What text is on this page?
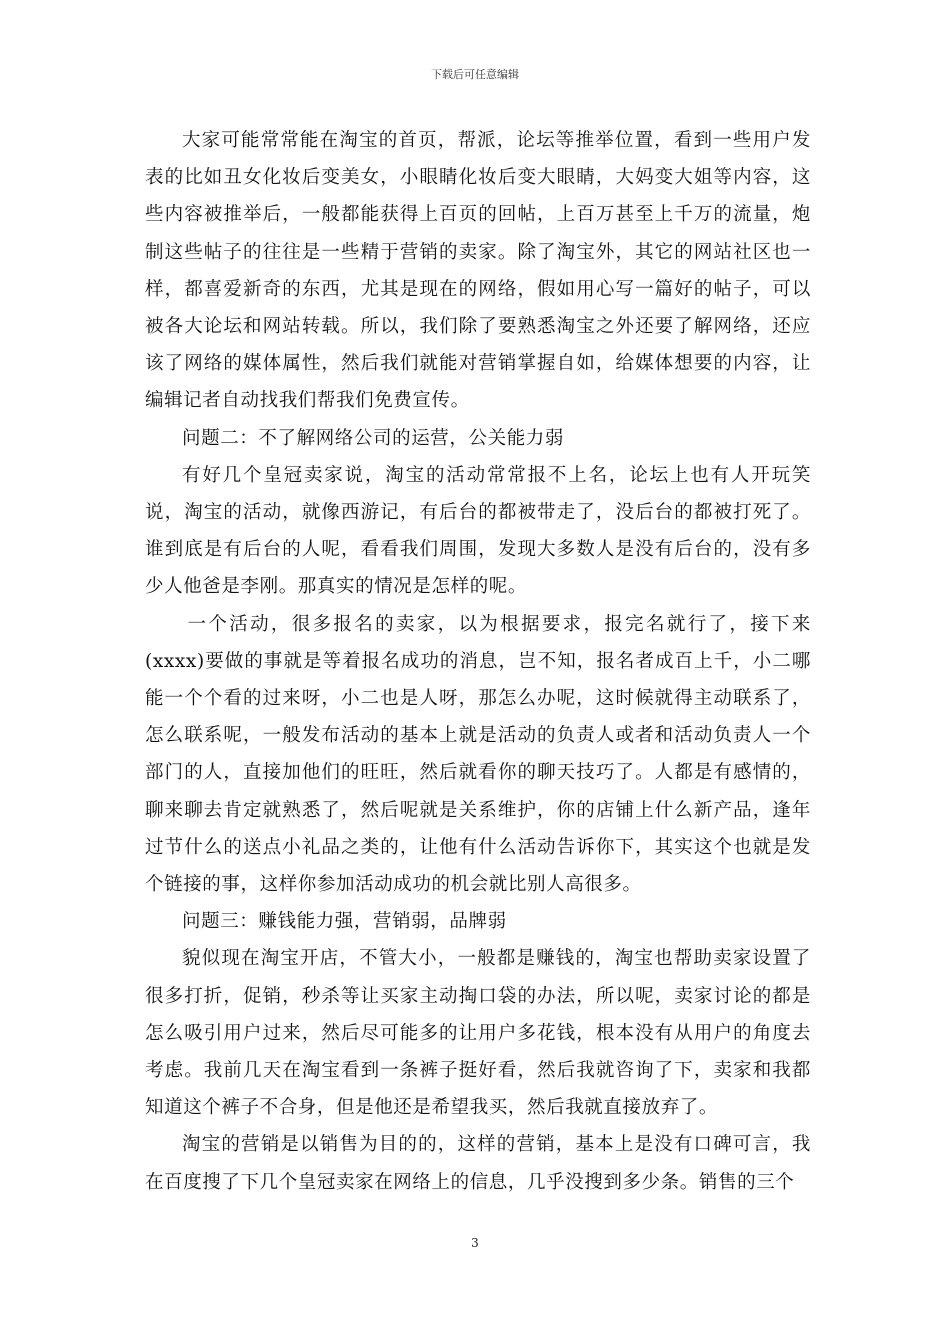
下载后可任意编辑

大家可能常常能在淘宝的首页，帮派，论坛等推举位置，看到一些用户发表的比如丑女化妆后变美女，小眼睛化妆后变大眼睛，大妈变大姐等内容，这些内容被推举后，一般都能获得上百页的回帖，上百万甚至上千万的流量，炮制这些帖子的往往是一些精于营销的卖家。除了淘宝外，其它的网站社区也一样，都喜爱新奇的东西，尤其是现在的网络，假如用心写一篇好的帖子，可以被各大论坛和网站转载。所以，我们除了要熟悉淘宝之外还要了解网络，还应该了网络的媒体属性，然后我们就能对营销掌握自如，给媒体想要的内容，让编辑记者自动找我们帮我们免费宣传。

问题二：不了解网络公司的运营，公关能力弱

有好几个皇冠卖家说，淘宝的活动常常报不上名，论坛上也有人开玩笑说，淘宝的活动，就像西游记，有后台的都被带走了，没后台的都被打死了。谁到底是有后台的人呢，看看我们周围，发现大多数人是没有后台的，没有多少人他爸是李刚。那真实的情况是怎样的呢。

一个活动，很多报名的卖家，以为根据要求，报完名就行了，接下来(xxxx)要做的事就是等着报名成功的消息，岂不知，报名者成百上千，小二哪能一个个看的过来呀，小二也是人呀，那怎么办呢，这时候就得主动联系了，怎么联系呢，一般发布活动的基本上就是活动的负责人或者和活动负责人一个部门的人，直接加他们的旺旺，然后就看你的聊天技巧了。人都是有感情的，聊来聊去肯定就熟悉了，然后呢就是关系维护，你的店铺上什么新产品，逢年过节什么的送点小礼品之类的，让他有什么活动告诉你下，其实这个也就是发个链接的事，这样你参加活动成功的机会就比别人高很多。

问题三：赚钱能力强，营销弱，品牌弱

貌似现在淘宝开店，不管大小，一般都是赚钱的，淘宝也帮助卖家设置了很多打折，促销，秒杀等让买家主动掏口袋的办法，所以呢，卖家讨论的都是怎么吸引用户过来，然后尽可能多的让用户多花钱，根本没有从用户的角度去考虑。我前几天在淘宝看到一条裤子挺好看，然后我就咨询了下，卖家和我都知道这个裤子不合身，但是他还是希望我买，然后我就直接放弃了。

淘宝的营销是以销售为目的的，这样的营销，基本上是没有口碑可言，我在百度搜了下几个皇冠卖家在网络上的信息，几乎没搜到多少条。销售的三个

3
